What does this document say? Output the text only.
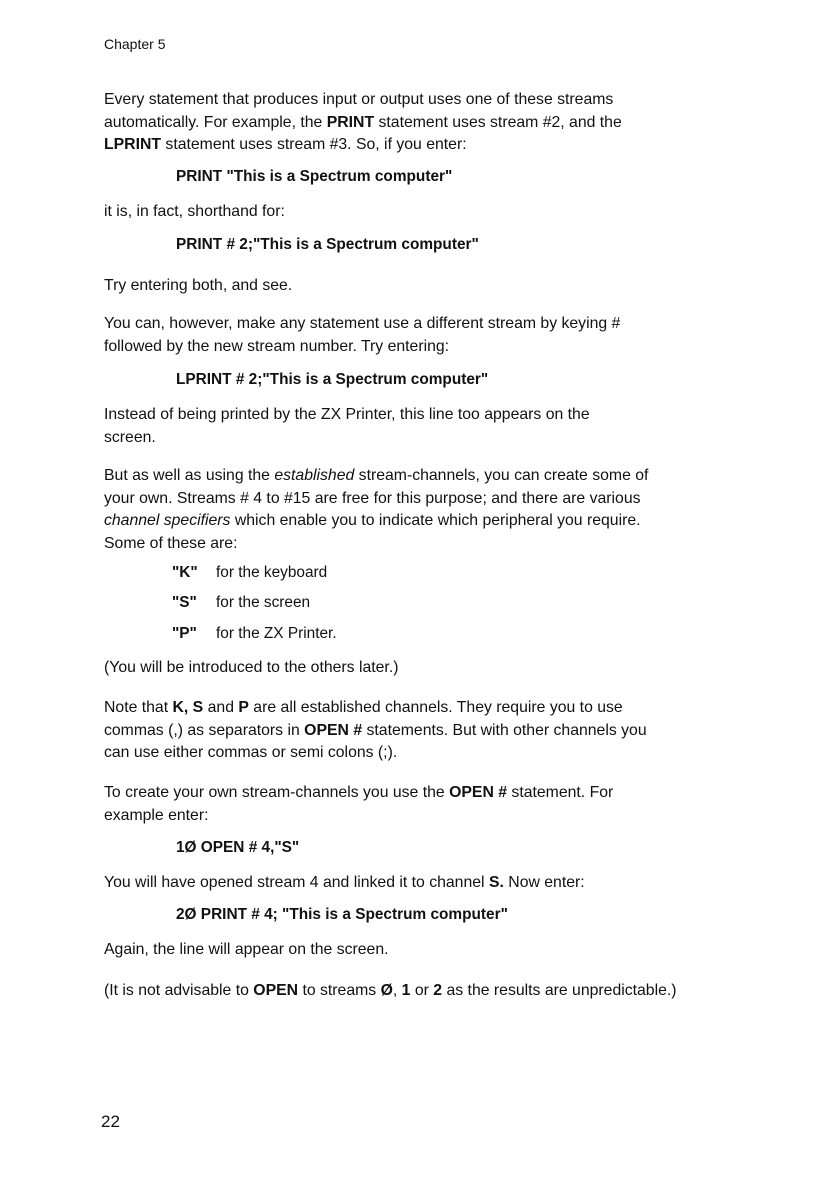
Chapter 5
Every statement that produces input or output uses one of these streams
automatically. For example, the PRINT statement uses stream #2, and the
LPRINT statement uses stream #3. So, if you enter:
PRINT "This is a Spectrum computer"
it is, in fact, shorthand for:
PRINT # 2;"This is a Spectrum computer"
Try entering both, and see.
You can, however, make any statement use a different stream by keying #
followed by the new stream number. Try entering:
LPRINT # 2;"This is a Spectrum computer"
Instead of being printed by the ZX Printer, this line too appears on the
screen.
But as well as using the established stream-channels, you can create some of
your own. Streams # 4 to #15 are free for this purpose; and there are various
channel specifiers which enable you to indicate which peripheral you require.
Some of these are:
"K" for the keyboard
"S" for the screen
"P" for the ZX Printer.
(You will be introduced to the others later.)
Note that K, S and P are all established channels. They require you to use
commas (,) as separators in OPEN # statements. But with other channels you
can use either commas or semi colons (;).
To create your own stream-channels you use the OPEN # statement. For
example enter:
1Ø OPEN # 4,"S"
You will have opened stream 4 and linked it to channel S. Now enter:
2Ø PRINT # 4; "This is a Spectrum computer"
Again, the line will appear on the screen.
(It is not advisable to OPEN to streams Ø, 1 or 2 as the results are unpredictable.)
22
